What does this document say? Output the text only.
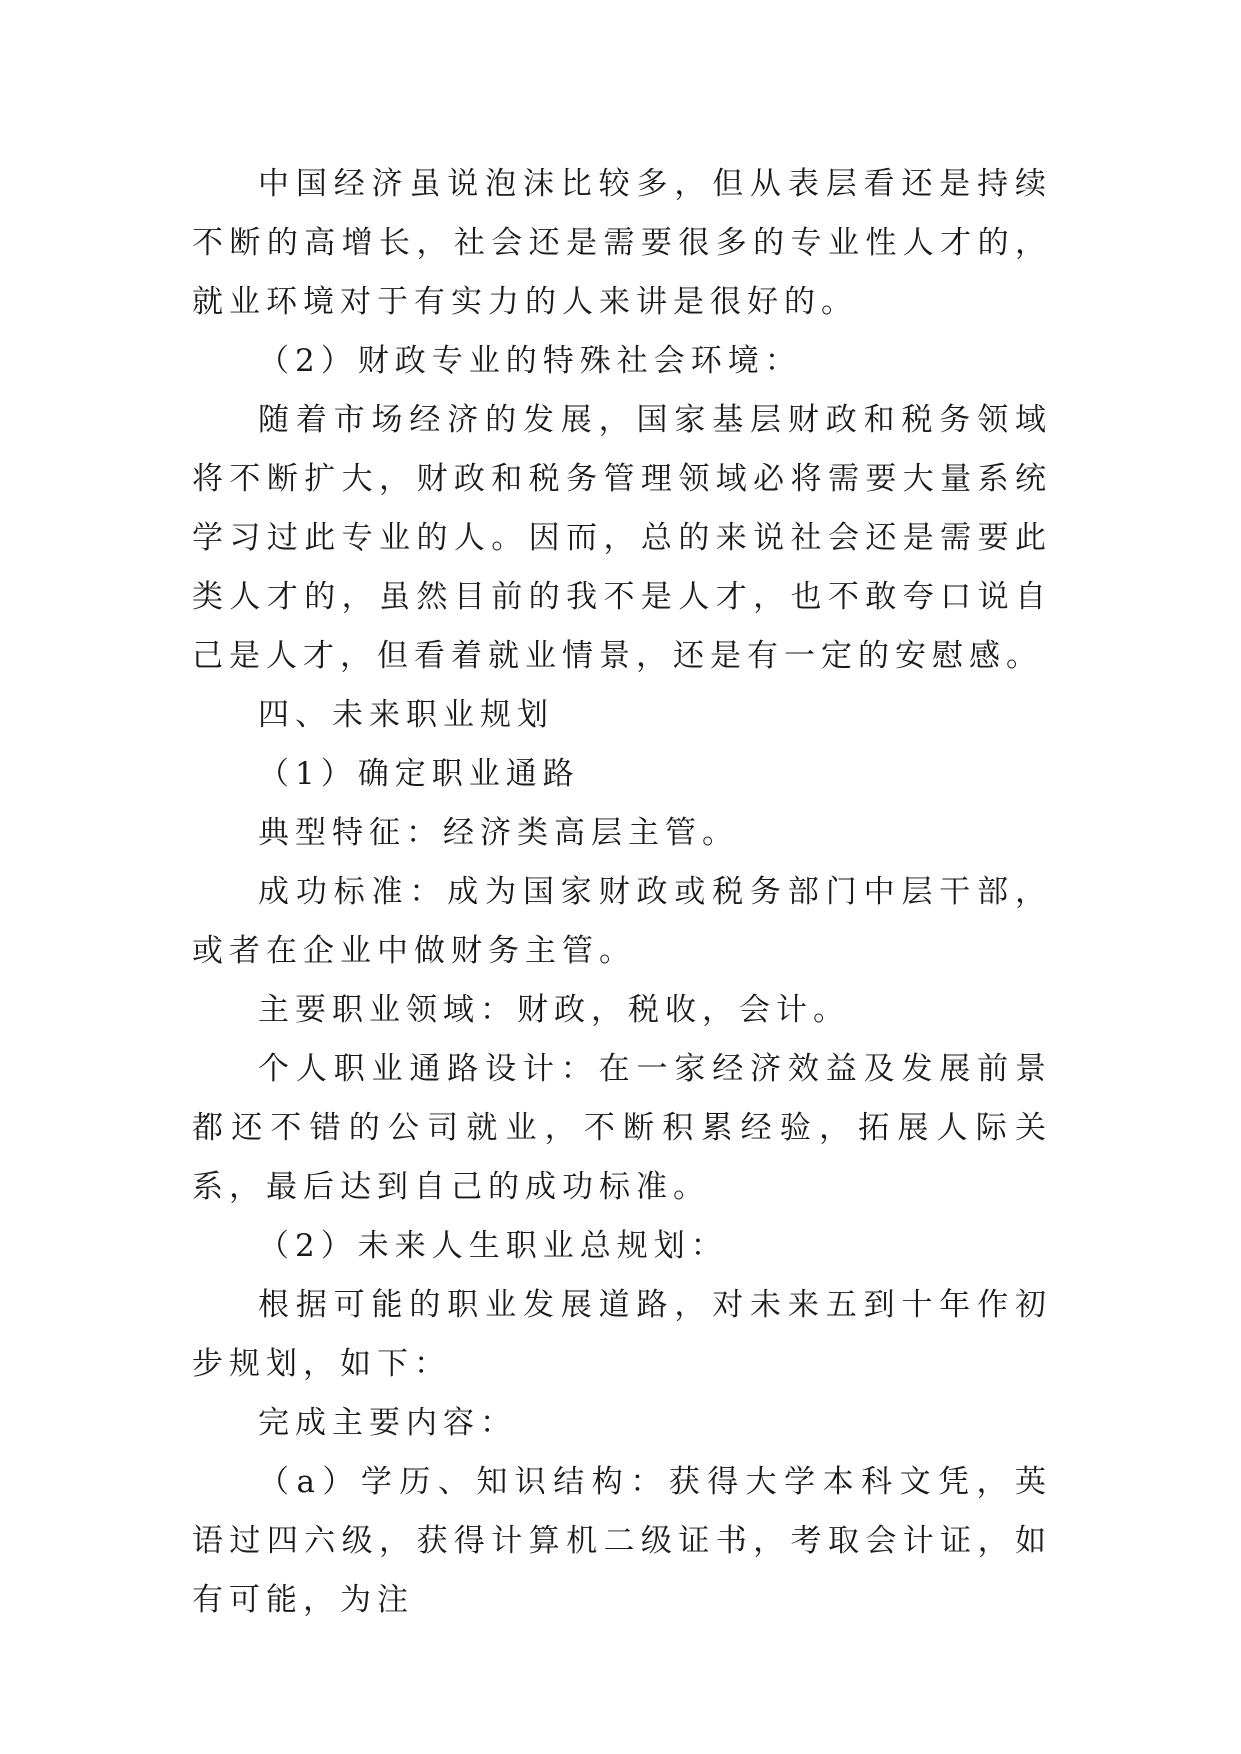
中国经济虽说泡沫比较多，但从表层看还是持续不断的高增长，社会还是需要很多的专业性人才的，就业环境对于有实力的人来讲是很好的。

（2）财政专业的特殊社会环境：

随着市场经济的发展，国家基层财政和税务领域将不断扩大，财政和税务管理领域必将需要大量系统学习过此专业的人。因而，总的来说社会还是需要此类人才的，虽然目前的我不是人才，也不敢夸口说自己是人才，但看着就业情景，还是有一定的安慰感。

四、未来职业规划

（1）确定职业通路

典型特征：经济类高层主管。

成功标准：成为国家财政或税务部门中层干部，或者在企业中做财务主管。

主要职业领域：财政，税收，会计。

个人职业通路设计：在一家经济效益及发展前景都还不错的公司就业，不断积累经验，拓展人际关系，最后达到自己的成功标准。

（2）未来人生职业总规划：

根据可能的职业发展道路，对未来五到十年作初步规划，如下：

完成主要内容：

（a）学历、知识结构：获得大学本科文凭，英语过四六级，获得计算机二级证书，考取会计证，如有可能，为注
